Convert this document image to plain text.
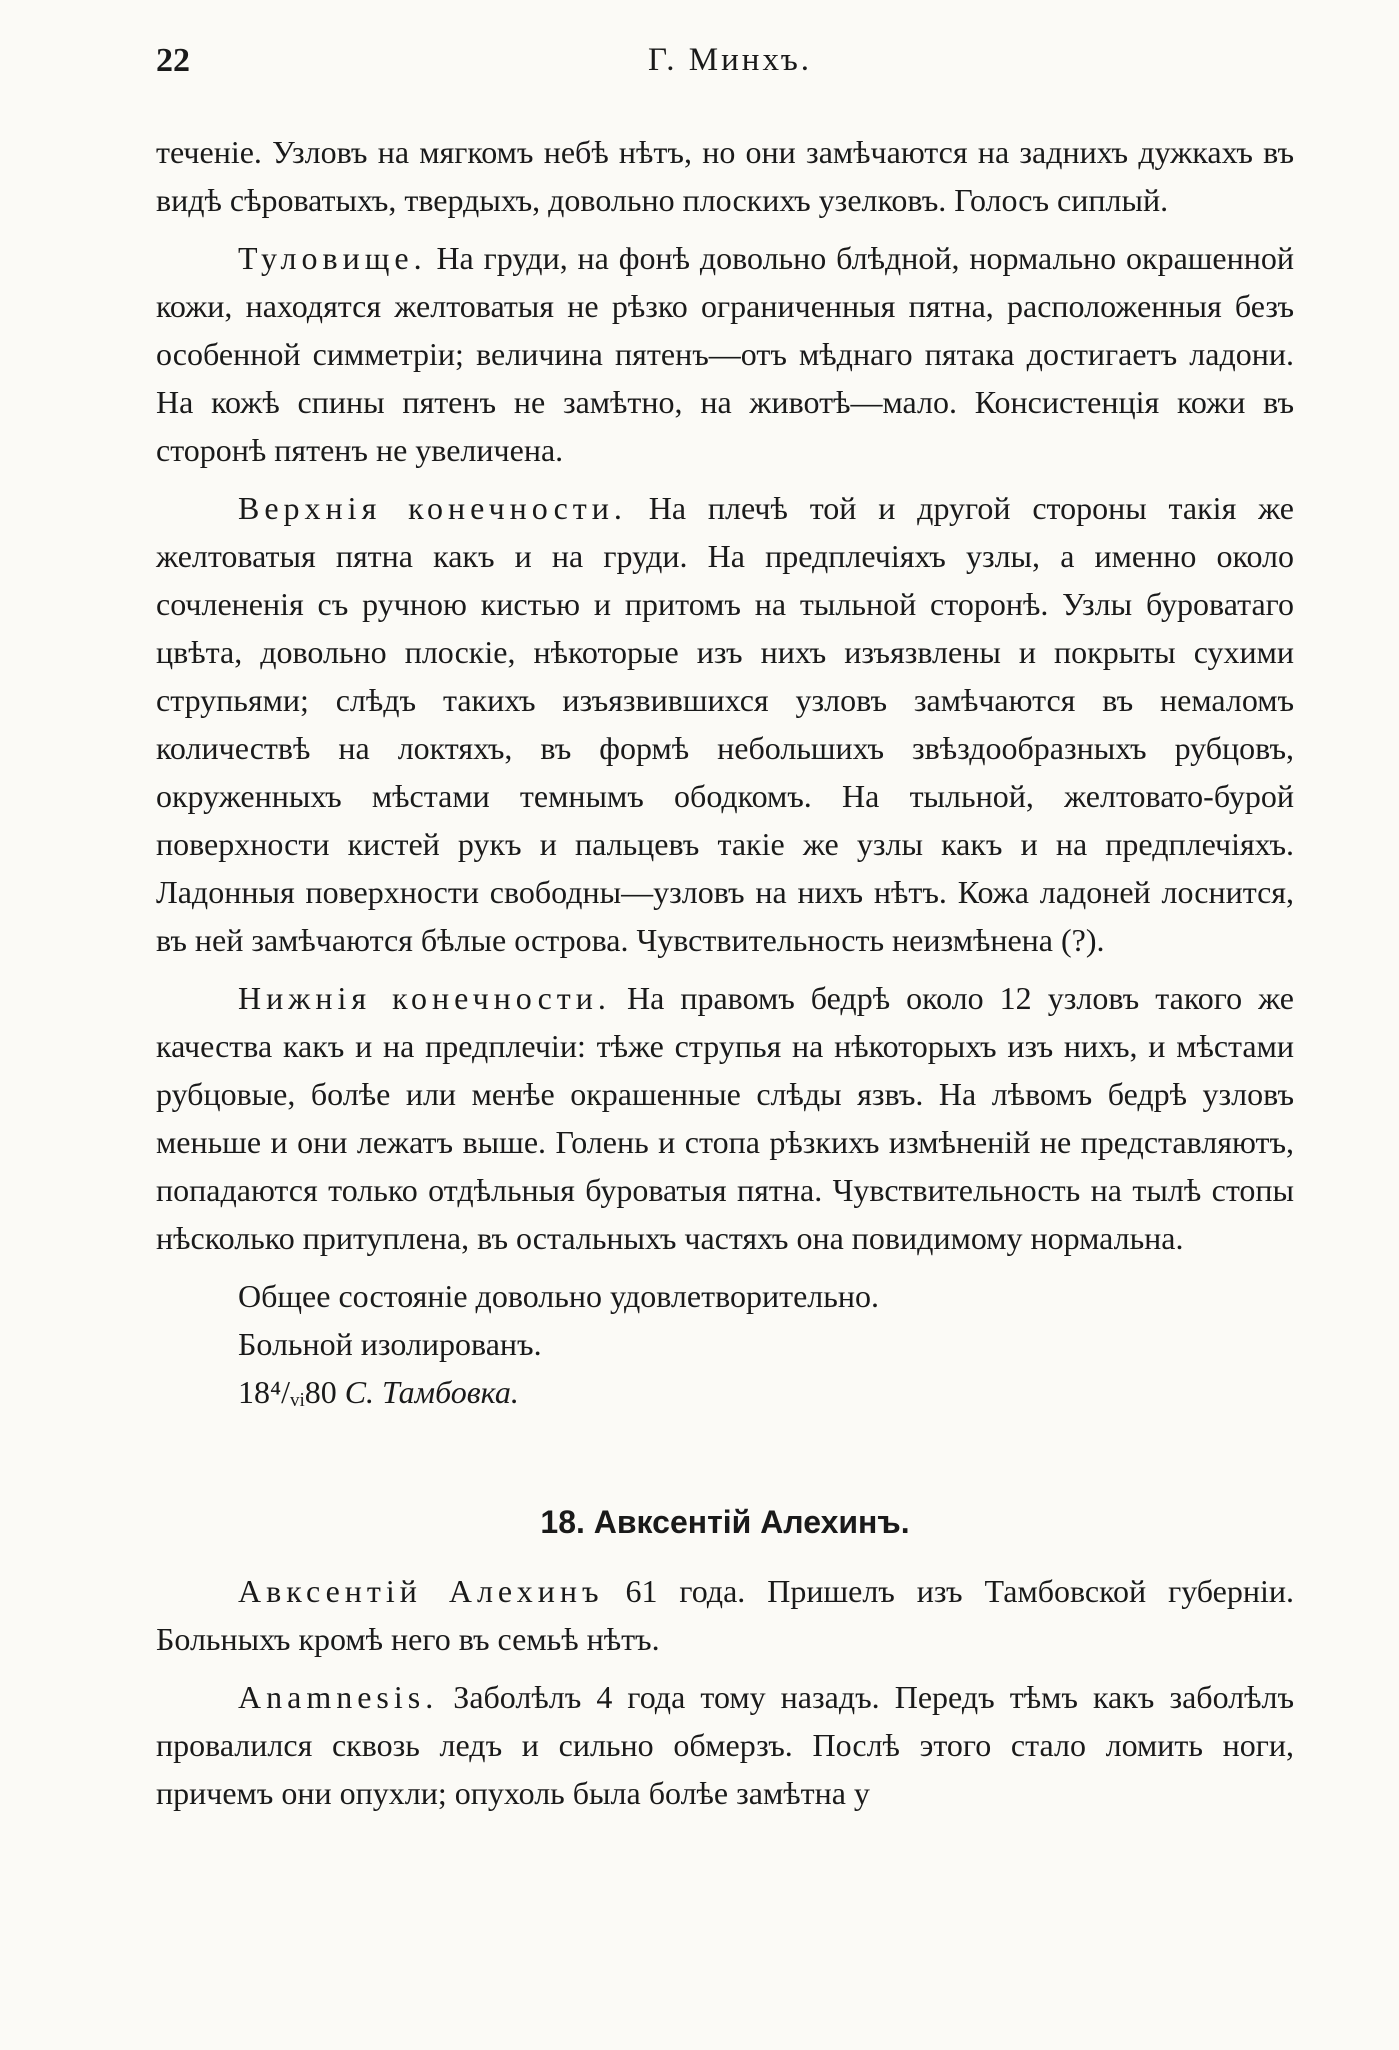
22	Г. Минхъ.

теченіе. Узловъ на мягкомъ небѣ нѣтъ, но они замѣчаются на заднихъ дужкахъ въ видѣ сѣроватыхъ, твердыхъ, довольно плоскихъ узелковъ. Голосъ сиплый.

Туловище. На груди, на фонѣ довольно блѣдной, нормально окрашенной кожи, находятся желтоватыя не рѣзко ограниченныя пятна, расположенныя безъ особенной симметріи; величина пятенъ—отъ мѣднаго пятака достигаетъ ладони. На кожѣ спины пятенъ не замѣтно, на животѣ—мало. Консистенція кожи въ сторонѣ пятенъ не увеличена.

Верхнія конечности. На плечѣ той и другой стороны такія же желтоватыя пятна какъ и на груди. На предплечіяхъ узлы, а именно около сочлененія съ ручною кистью и притомъ на тыльной сторонѣ. Узлы буроватаго цвѣта, довольно плоскіе, нѣкоторые изъ нихъ изъязвлены и покрыты сухими струпьями; слѣдъ такихъ изъязвившихся узловъ замѣчаются въ немаломъ количествѣ на локтяхъ, въ формѣ небольшихъ звѣздообразныхъ рубцовъ, окруженныхъ мѣстами темнымъ ободкомъ. На тыльной, желтовато-бурой поверхности кистей рукъ и пальцевъ такіе же узлы какъ и на предплечіяхъ. Ладонныя поверхности свободны—узловъ на нихъ нѣтъ. Кожа ладоней лоснится, въ ней замѣчаются бѣлые острова. Чувствительность неизмѣнена (?).

Нижнія конечности. На правомъ бедрѣ около 12 узловъ такого же качества какъ и на предплечіи: тѣже струпья на нѣкоторыхъ изъ нихъ, и мѣстами рубцовые, болѣе или менѣе окрашенные слѣды язвъ. На лѣвомъ бедрѣ узловъ меньше и они лежатъ выше. Голень и стопа рѣзкихъ измѣненій не представляютъ, попадаются только отдѣльныя буроватыя пятна. Чувствительность на тылѣ стопы нѣсколько притуплена, въ остальныхъ частяхъ она повидимому нормальна.

Общее состояніе довольно удовлетворительно.

Больной изолированъ.

18⁴/ᵥᵢ80 С. Тамбовка.

18. Авксентій Алехинъ.

Авксентій Алехинъ 61 года. Пришелъ изъ Тамбовской губерніи. Больныхъ кромѣ него въ семьѣ нѣтъ.

Anamnesis. Заболѣлъ 4 года тому назадъ. Передъ тѣмъ какъ заболѣлъ провалился сквозь ледъ и сильно обмерзъ. Послѣ этого стало ломить ноги, причемъ они опухли; опухоль была болѣе замѣтна у
